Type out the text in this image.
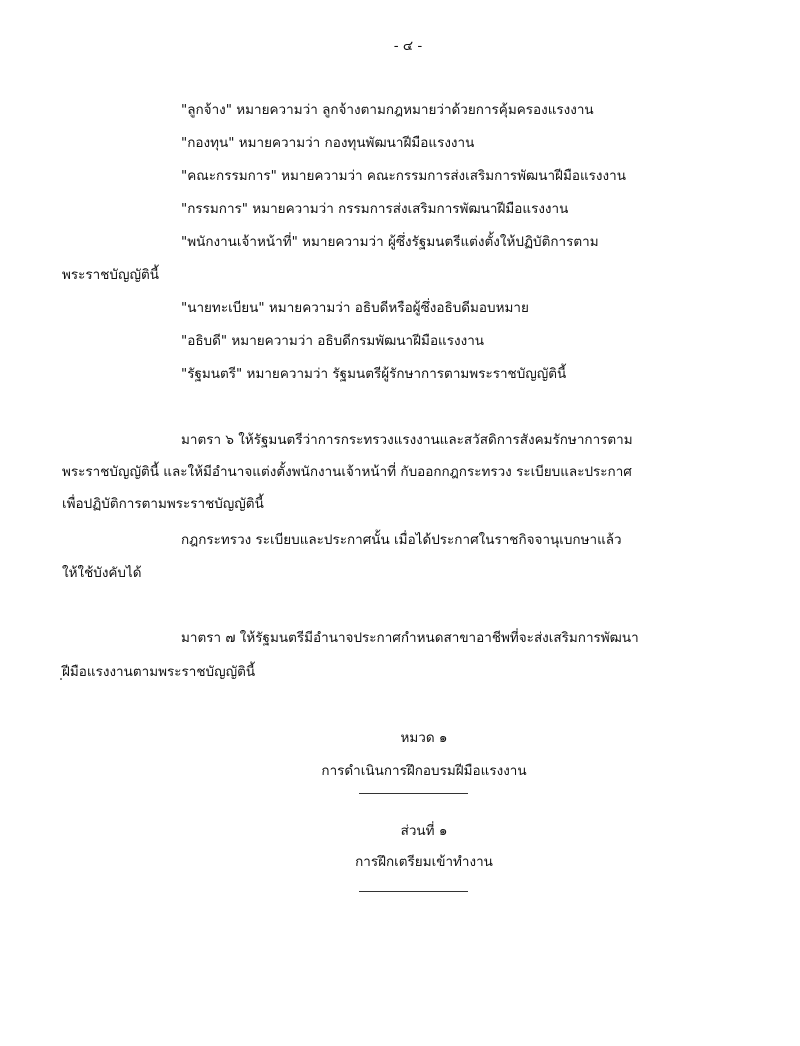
- ๔ -
"ลูกจ้าง" หมายความว่า ลูกจ้างตามกฎหมายว่าด้วยการคุ้มครองแรงงาน
"กองทุน" หมายความว่า กองทุนพัฒนาฝีมือแรงงาน
"คณะกรรมการ" หมายความว่า คณะกรรมการส่งเสริมการพัฒนาฝีมือแรงงาน
"กรรมการ" หมายความว่า กรรมการส่งเสริมการพัฒนาฝีมือแรงงาน
"พนักงานเจ้าหน้าที่" หมายความว่า ผู้ซึ่งรัฐมนตรีแต่งตั้งให้ปฏิบัติการตาม
พระราชบัญญัตินี้
"นายทะเบียน" หมายความว่า อธิบดีหรือผู้ซึ่งอธิบดีมอบหมาย
"อธิบดี" หมายความว่า อธิบดีกรมพัฒนาฝีมือแรงงาน
"รัฐมนตรี" หมายความว่า รัฐมนตรีผู้รักษาการตามพระราชบัญญัตินี้
มาตรา ๖ ให้รัฐมนตรีว่าการกระทรวงแรงงานและสวัสดิการสังคมรักษาการตาม
พระราชบัญญัตินี้ และให้มีอำนาจแต่งตั้งพนักงานเจ้าหน้าที่ กับออกกฎกระทรวง ระเบียบและประกาศ
เพื่อปฏิบัติการตามพระราชบัญญัตินี้
กฎกระทรวง ระเบียบและประกาศนั้น เมื่อได้ประกาศในราชกิจจานุเบกษาแล้ว
ให้ใช้บังคับได้
มาตรา ๗ ให้รัฐมนตรีมีอำนาจประกาศกำหนดสาขาอาชีพที่จะส่งเสริมการพัฒนา
ฝีมือแรงงานตามพระราชบัญญัตินี้
หมวด ๑
การดำเนินการฝึกอบรมฝีมือแรงงาน
ส่วนที่ ๑
การฝึกเตรียมเข้าทำงาน
